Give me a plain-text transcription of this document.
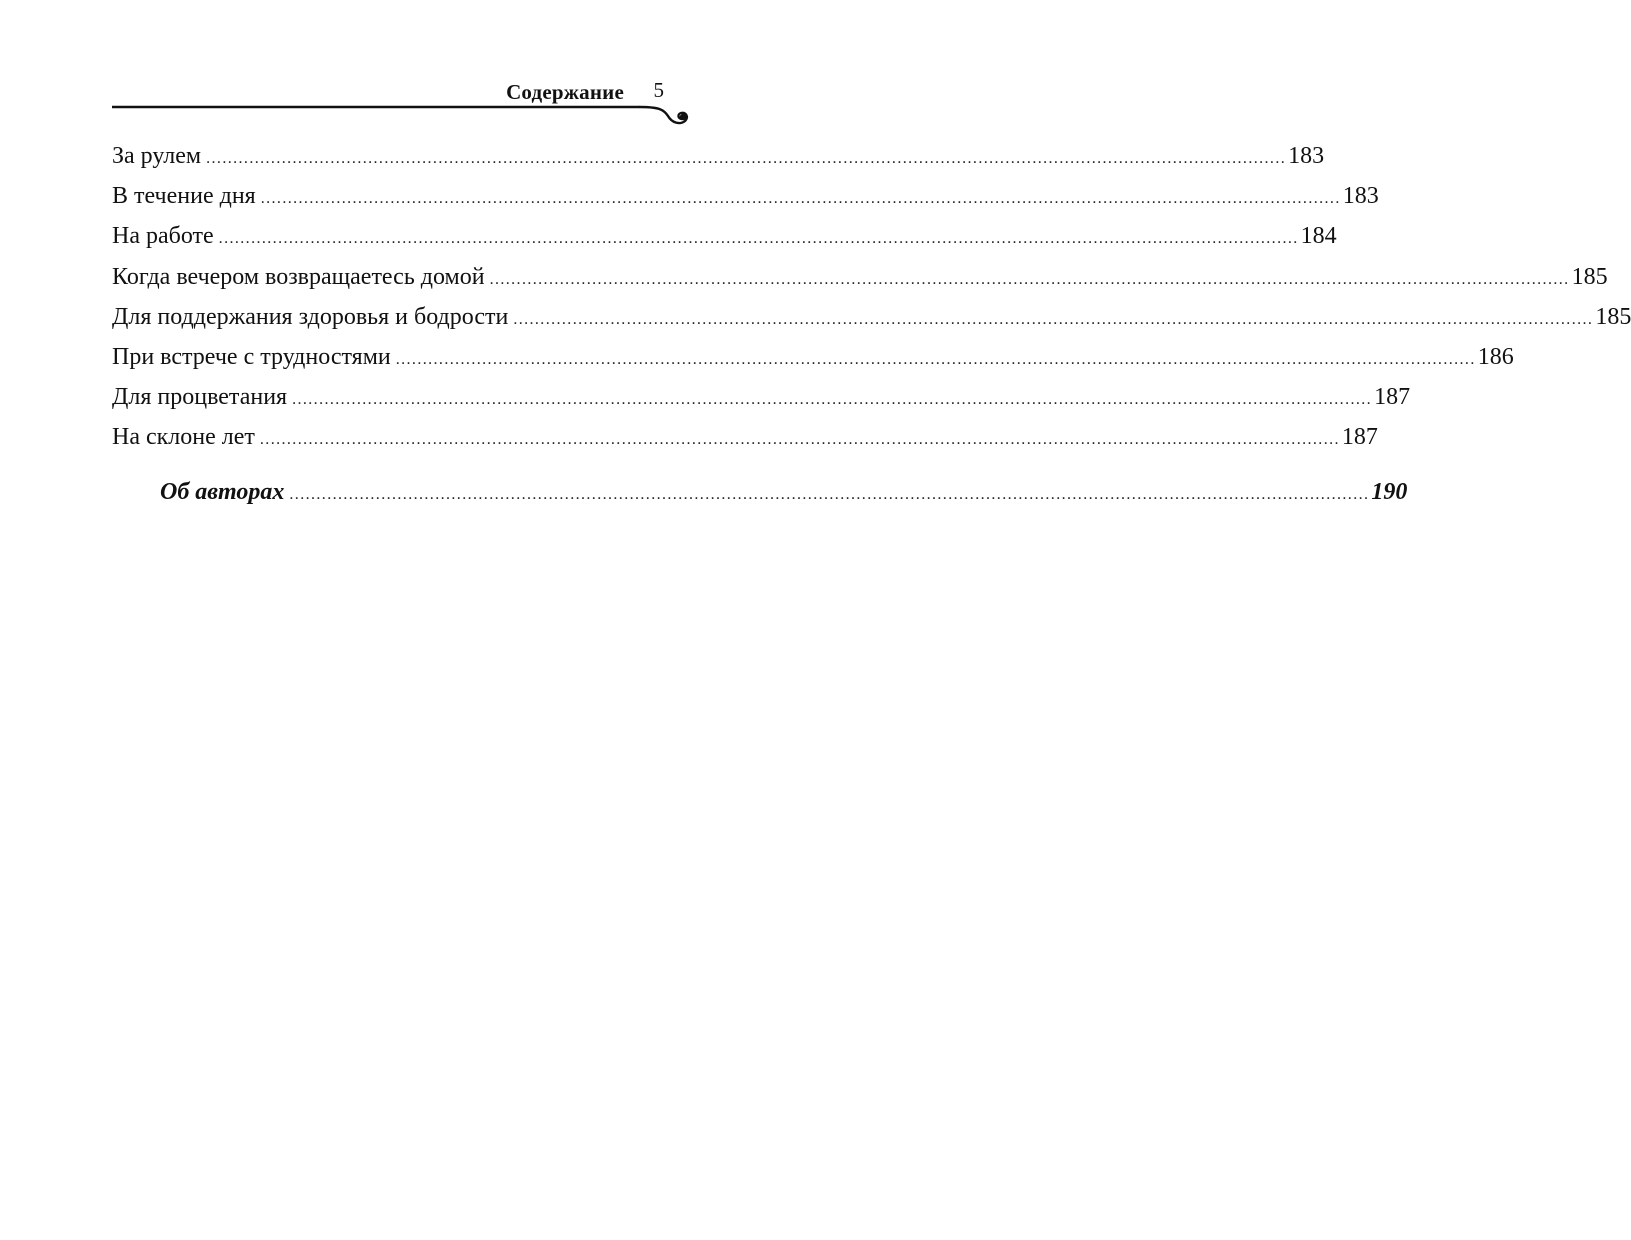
Содержание 5
За рулем ........................................................................................................................................................................................................ 183
В течение дня ........................................................................................................................................................................................................ 183
На работе ........................................................................................................................................................................................................ 184
Когда вечером возвращаетесь домой ........................................................................................................................................................................................................ 185
Для поддержания здоровья и бодрости ........................................................................................................................................................................................................ 185
При встрече с трудностями ........................................................................................................................................................................................................ 186
Для процветания ........................................................................................................................................................................................................ 187
На склоне лет ........................................................................................................................................................................................................ 187
Об авторах ........................................................................................................................................................................................................ 190
